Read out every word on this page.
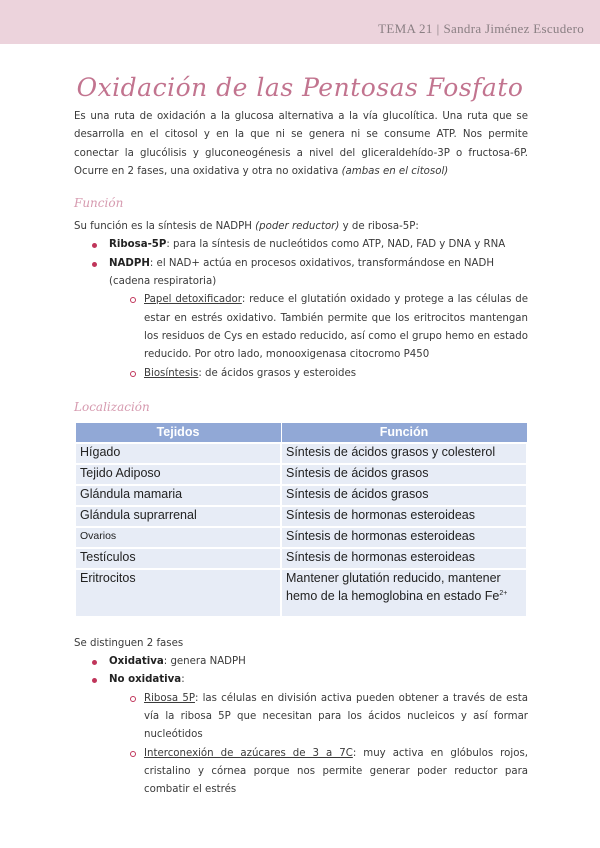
TEMA 21 | Sandra Jiménez Escudero
Oxidación de las Pentosas Fosfato

Es una ruta de oxidación a la glucosa alternativa a la vía glucolítica. Una ruta que se desarrolla en el citosol y en la que ni se genera ni se consume ATP. Nos permite conectar la glucólisis y gluconeogénesis a nivel del gliceraldehído-3P o fructosa-6P. Ocurre en 2 fases, una oxidativa y otra no oxidativa (ambas en el citosol)

Función

Su función es la síntesis de NADPH (poder reductor) y de ribosa-5P:

Ribosa-5P: para la síntesis de nucleótidos como ATP, NAD, FAD y DNA y RNA
NADPH: el NAD+ actúa en procesos oxidativos, transformándose en NADH (cadena respiratoria)
Papel detoxificador: reduce el glutatión oxidado y protege a las células de estar en estrés oxidativo. También permite que los eritrocitos mantengan los residuos de Cys en estado reducido, así como el grupo hemo en estado reducido. Por otro lado, monooxigenasa citocromo P450
Biosíntesis: de ácidos grasos y esteroides
Localización
Tejidos	Función
Hígado	Síntesis de ácidos grasos y colesterol
Tejido Adiposo	Síntesis de ácidos grasos
Glándula mamaria	Síntesis de ácidos grasos
Glándula suprarrenal	Síntesis de hormonas esteroideas
Ovarios	Síntesis de hormonas esteroideas
Testículos	Síntesis de hormonas esteroideas
Eritrocitos	Mantener glutatión reducido, mantener hemo de la hemoglobina en estado $Fe^{2+}$

Se distinguen 2 fases

Oxidativa: genera NADPH
No oxidativa:
Ribosa 5P: las células en división activa pueden obtener a través de esta vía la ribosa 5P que necesitan para los ácidos nucleicos y así formar nucleótidos
Interconexión de azúcares de 3 a 7C: muy activa en glóbulos rojos, cristalino y córnea porque nos permite generar poder reductor para combatir el estrés
